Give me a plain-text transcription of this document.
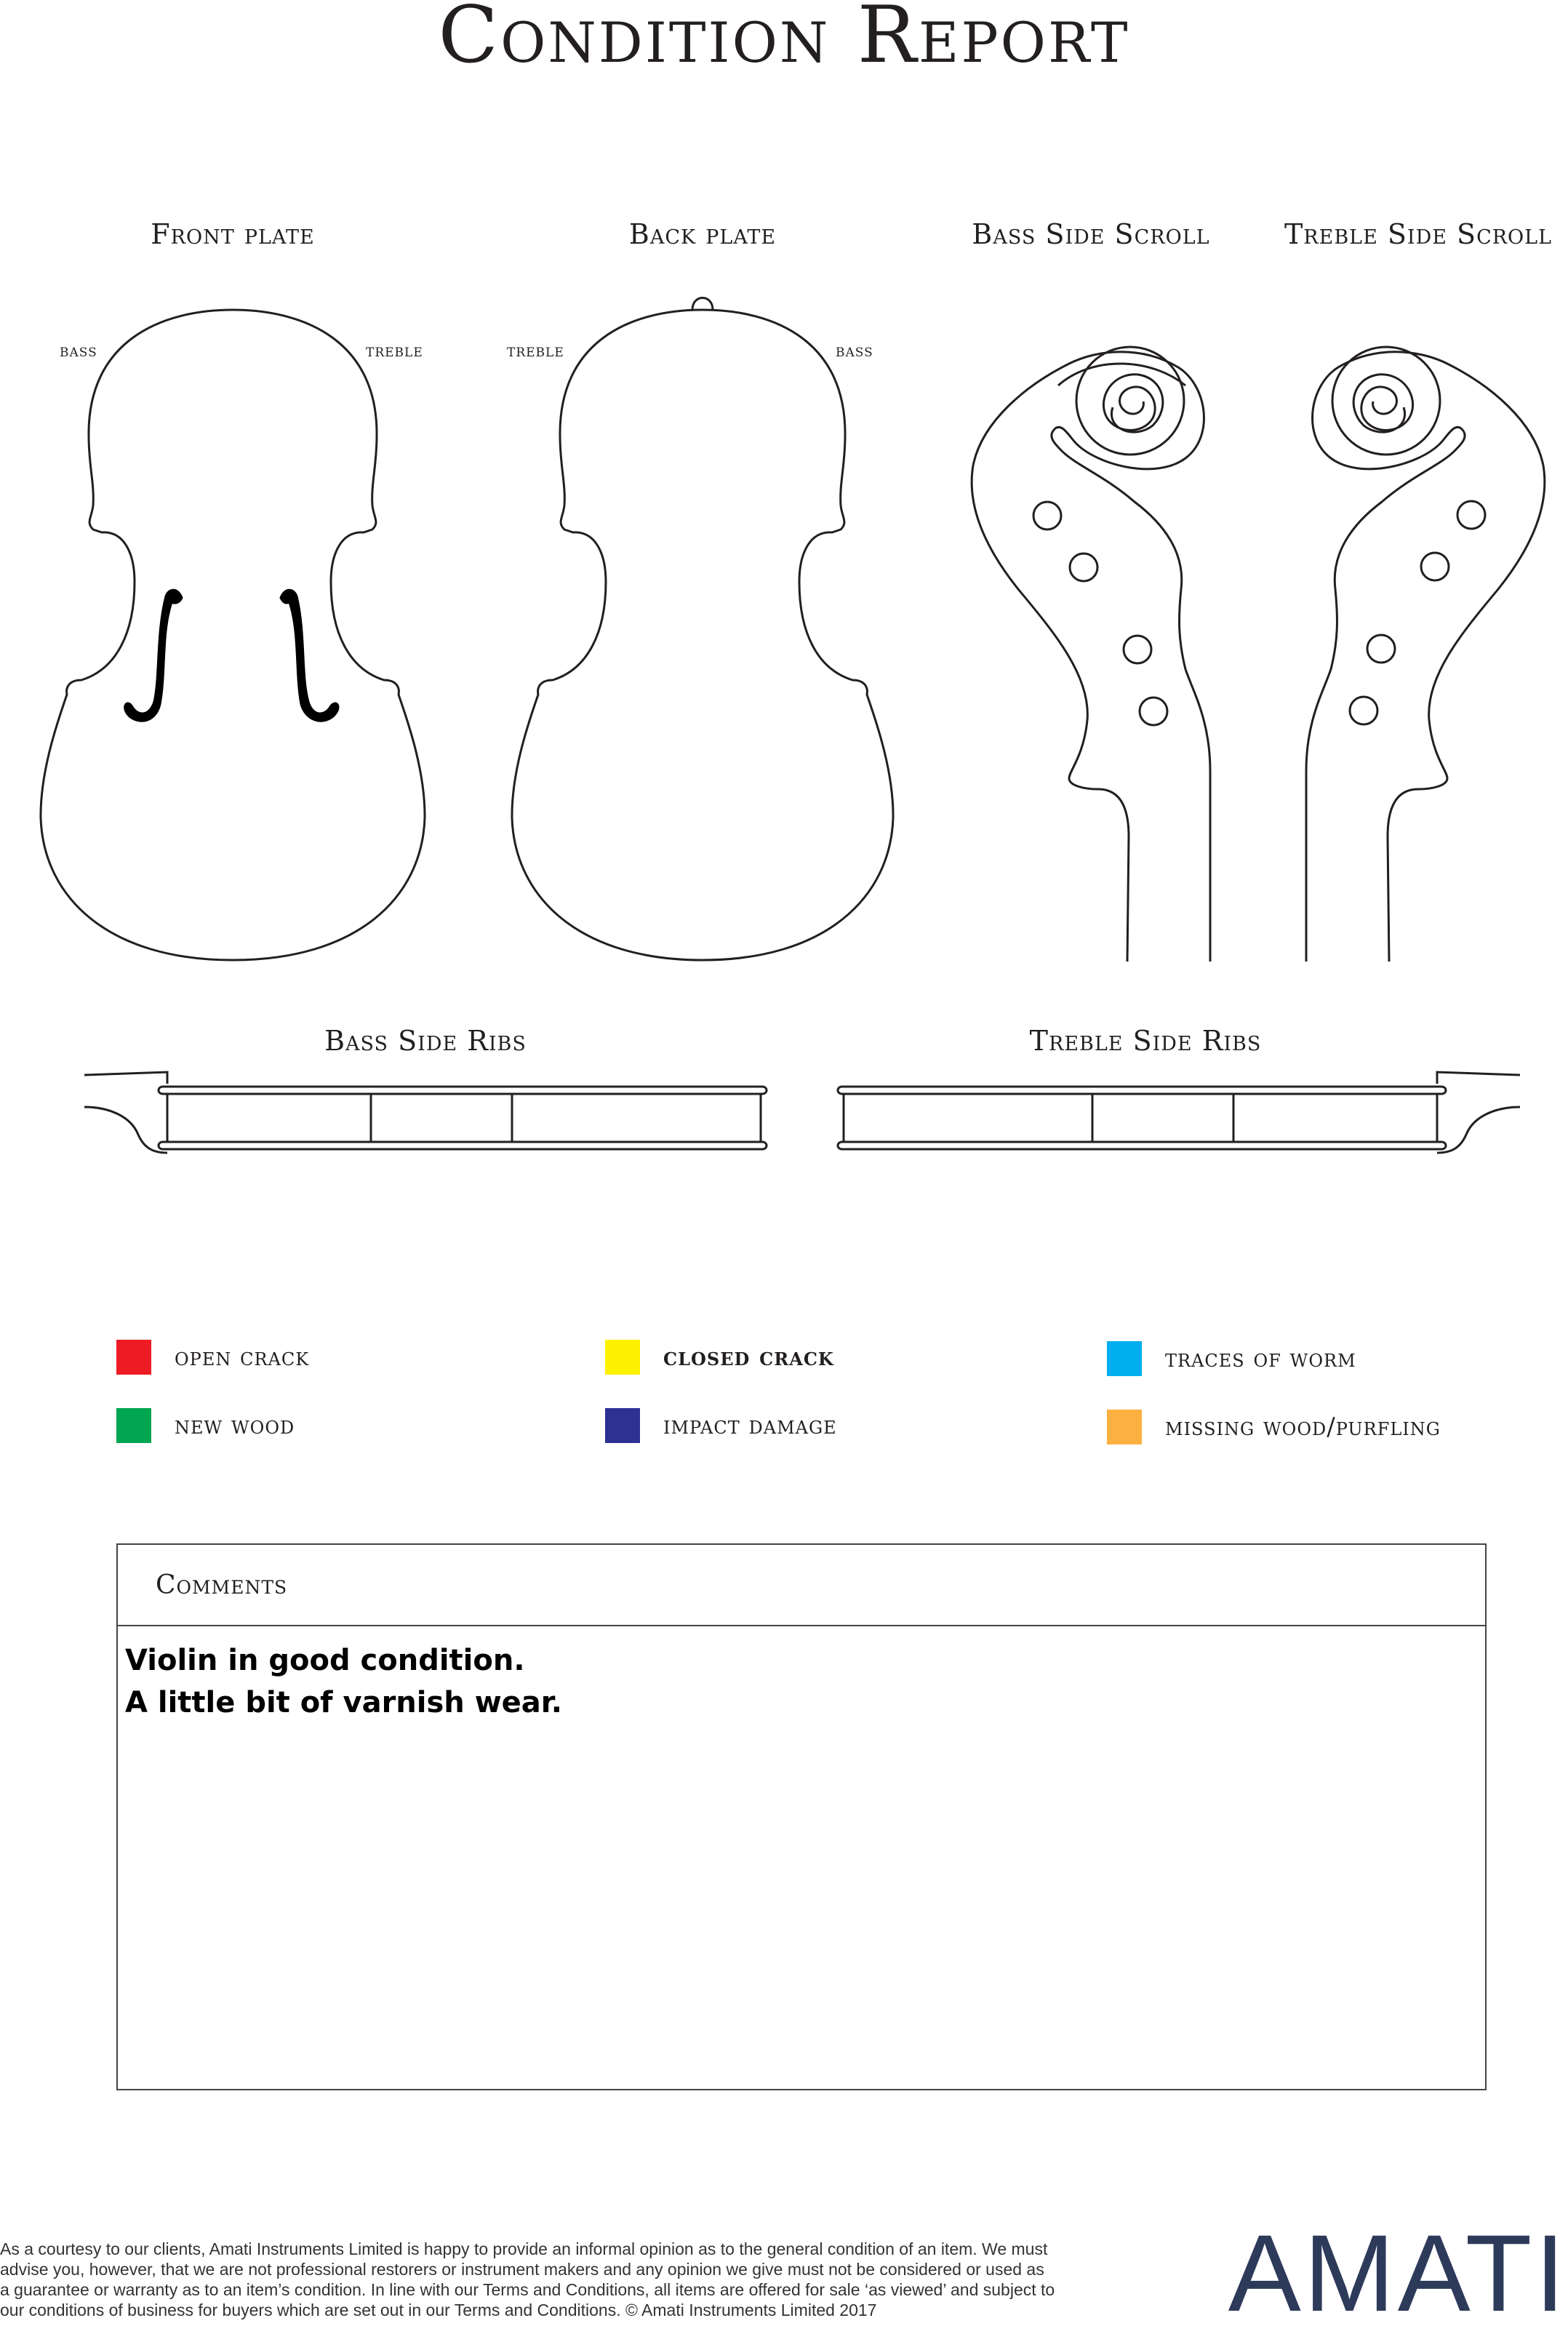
Condition Report
Front plate	Back plate	Bass Side Scroll	Treble Side Scroll
Bass Side Ribs	Treble Side Ribs
bass	treble	treble	bass
open crack	closed crack	traces of worm
new wood	impact damage	missing wood/purfling
Comments
Violin in good condition.
A little bit of varnish wear.
As a courtesy to our clients, Amati Instruments Limited is happy to provide an informal opinion as to the general condition of an item. We must
advise you, however, that we are not professional restorers or instrument makers and any opinion we give must not be considered or used as
a guarantee or warranty as to an item’s condition. In line with our Terms and Conditions, all items are offered for sale ‘as viewed’ and subject to
our conditions of business for buyers which are set out in our Terms and Conditions. © Amati Instruments Limited 2017	AMATI
